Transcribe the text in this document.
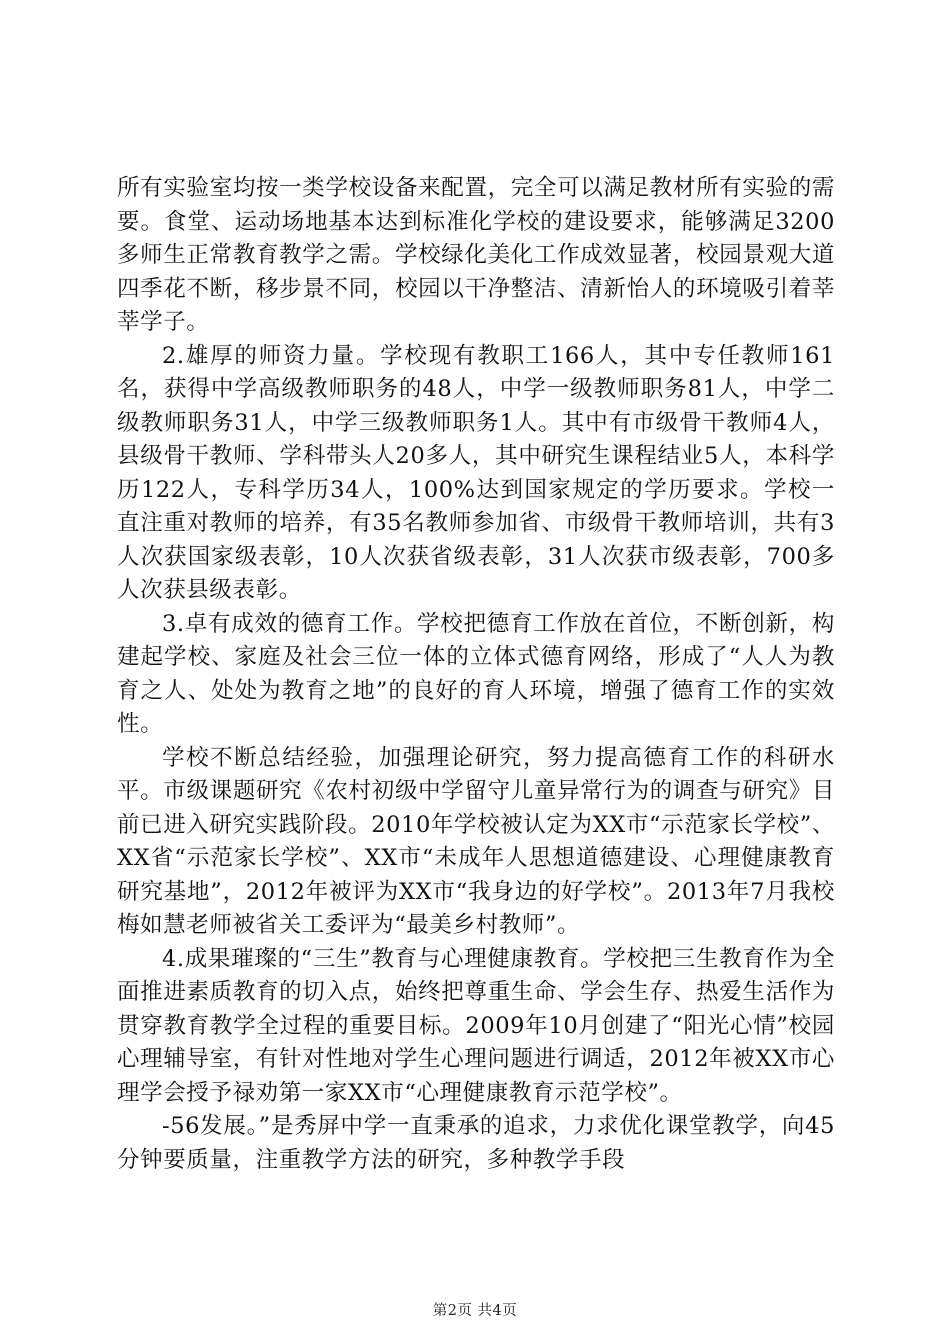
所有实验室均按一类学校设备来配置，完全可以满足教材所有实验的需要。食堂、运动场地基本达到标准化学校的建设要求，能够满足3200多师生正常教育教学之需。学校绿化美化工作成效显著，校园景观大道四季花不断，移步景不同，校园以干净整洁、清新怡人的环境吸引着莘莘学子。

2.雄厚的师资力量。学校现有教职工166人，其中专任教师161名，获得中学高级教师职务的48人，中学一级教师职务81人，中学二级教师职务31人，中学三级教师职务1人。其中有市级骨干教师4人，县级骨干教师、学科带头人20多人，其中研究生课程结业5人，本科学历122人，专科学历34人，100%达到国家规定的学历要求。学校一直注重对教师的培养，有35名教师参加省、市级骨干教师培训，共有3人次获国家级表彰，10人次获省级表彰，31人次获市级表彰，700多人次获县级表彰。

3.卓有成效的德育工作。学校把德育工作放在首位，不断创新，构建起学校、家庭及社会三位一体的立体式德育网络，形成了“人人为教育之人、处处为教育之地”的良好的育人环境，增强了德育工作的实效性。

学校不断总结经验，加强理论研究，努力提高德育工作的科研水平。市级课题研究《农村初级中学留守儿童异常行为的调查与研究》目前已进入研究实践阶段。2010年学校被认定为XX市“示范家长学校”、XX省“示范家长学校”、XX市“未成年人思想道德建设、心理健康教育研究基地”，2012年被评为XX市“我身边的好学校”。2013年7月我校梅如慧老师被省关工委评为“最美乡村教师”。

4.成果璀璨的“三生”教育与心理健康教育。学校把三生教育作为全面推进素质教育的切入点，始终把尊重生命、学会生存、热爱生活作为贯穿教育教学全过程的重要目标。2009年10月创建了“阳光心情”校园心理辅导室，有针对性地对学生心理问题进行调适，2012年被XX市心理学会授予禄劝第一家XX市“心理健康教育示范学校”。

-56发展。”是秀屏中学一直秉承的追求，力求优化课堂教学，向45分钟要质量，注重教学方法的研究，多种教学手段

第2页 共4页
